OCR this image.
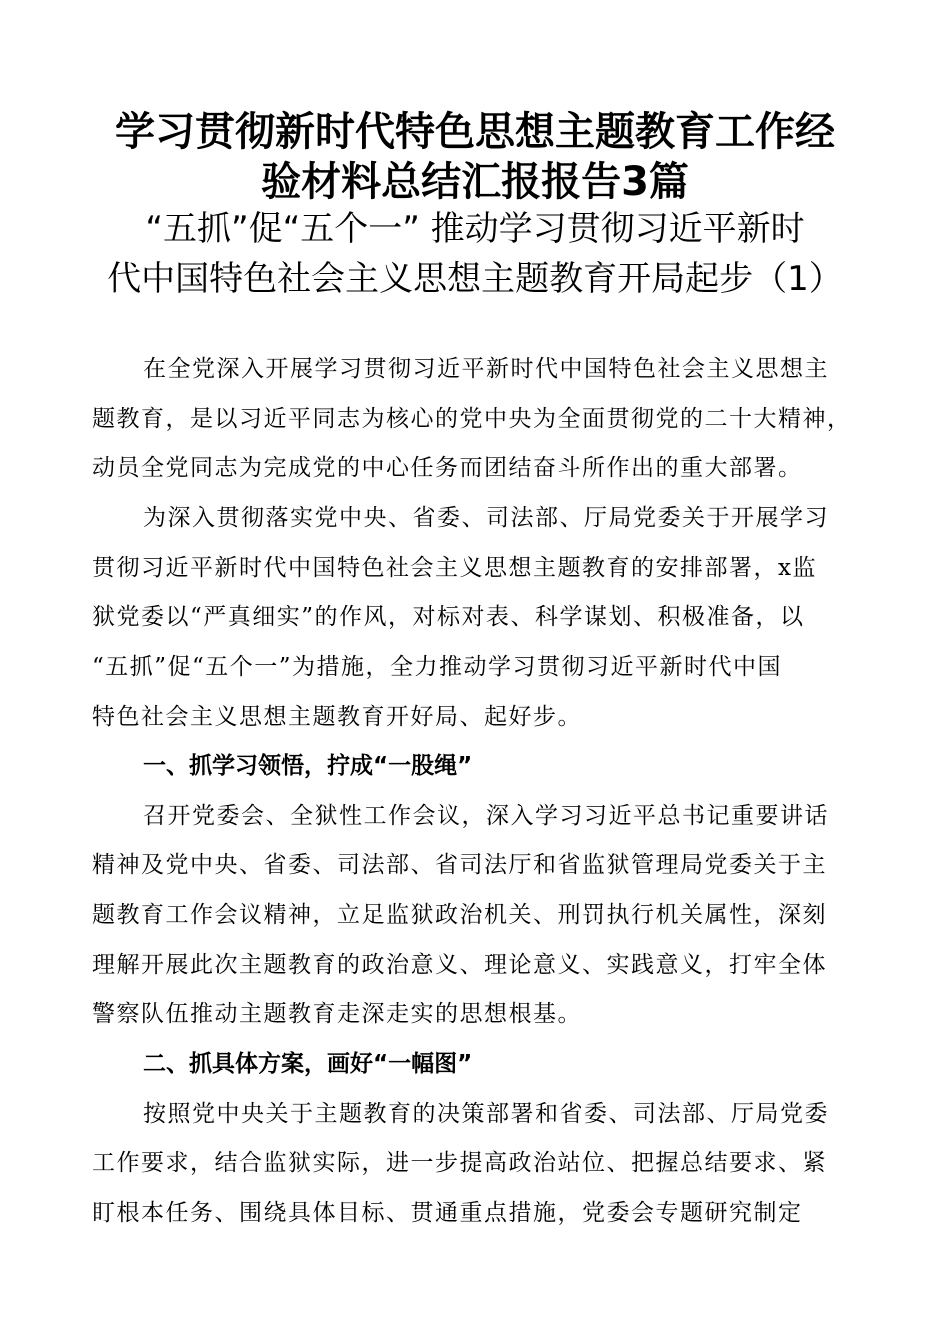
学习贯彻新时代特色思想主题教育工作经
验材料总结汇报报告3篇
“五抓”促“五个一” 推动学习贯彻习近平新时
代中国特色社会主义思想主题教育开局起步（1）

在全党深入开展学习贯彻习近平新时代中国特色社会主义思想主

题教育，是以习近平同志为核心的党中央为全面贯彻党的二十大精神，

动员全党同志为完成党的中心任务而团结奋斗所作出的重大部署。

为深入贯彻落实党中央、省委、司法部、厅局党委关于开展学习

贯彻习近平新时代中国特色社会主义思想主题教育的安排部署，x监

狱党委以“严真细实”的作风，对标对表、科学谋划、积极准备，以

“五抓”促“五个一”为措施，全力推动学习贯彻习近平新时代中国

特色社会主义思想主题教育开好局、起好步。

一、抓学习领悟，拧成“一股绳”

召开党委会、全狱性工作会议，深入学习习近平总书记重要讲话

精神及党中央、省委、司法部、省司法厅和省监狱管理局党委关于主

题教育工作会议精神，立足监狱政治机关、刑罚执行机关属性，深刻

理解开展此次主题教育的政治意义、理论意义、实践意义，打牢全体

警察队伍推动主题教育走深走实的思想根基。

二、抓具体方案，画好“一幅图”

按照党中央关于主题教育的决策部署和省委、司法部、厅局党委

工作要求，结合监狱实际，进一步提高政治站位、把握总结要求、紧

盯根本任务、围绕具体目标、贯通重点措施，党委会专题研究制定
